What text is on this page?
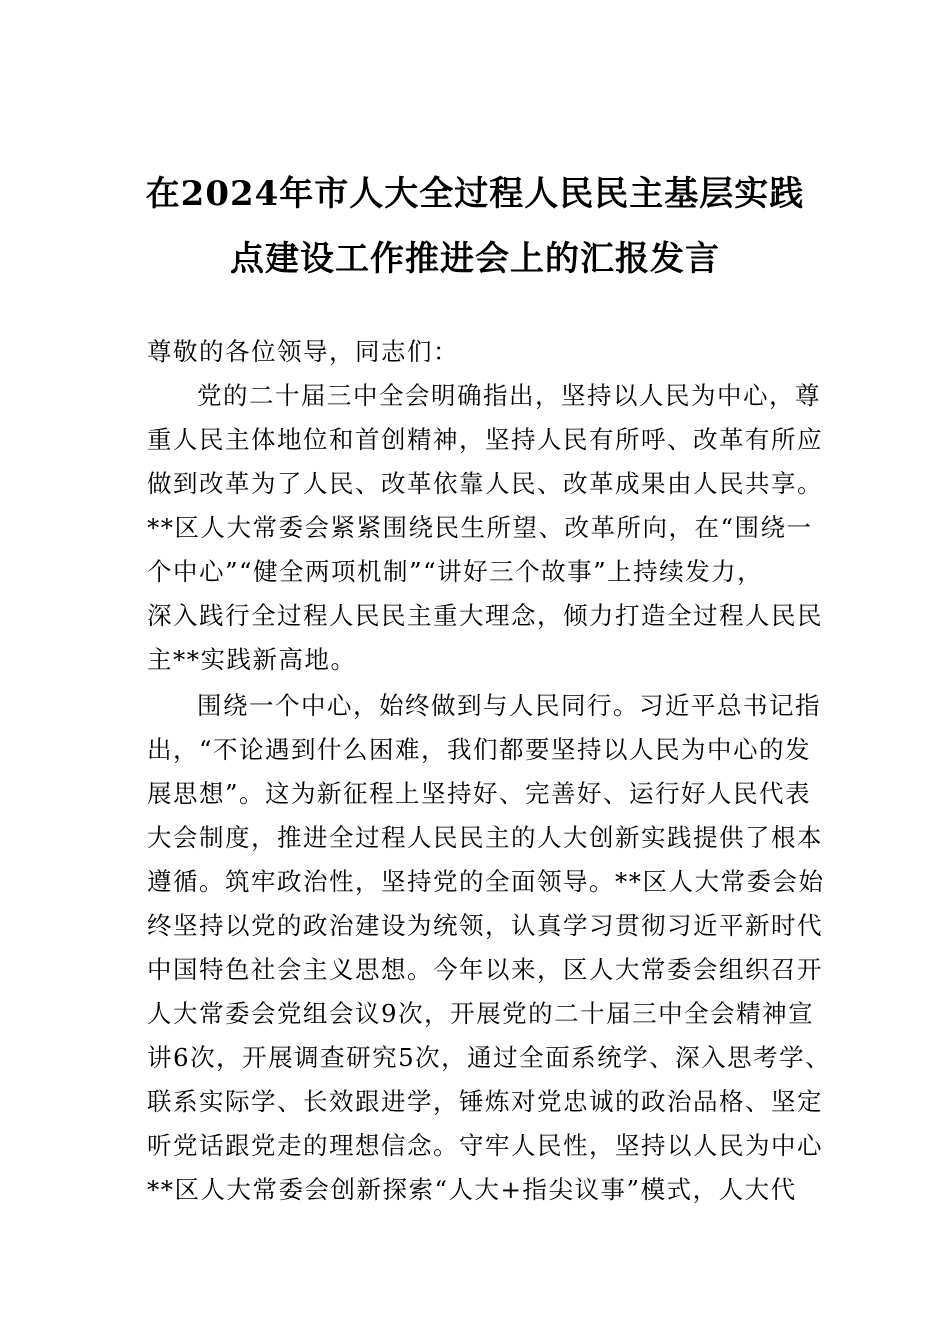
在2024年市人大全过程人民民主基层实践
点建设工作推进会上的汇报发言
尊敬的各位领导，同志们：
党的二十届三中全会明确指出，坚持以人民为中心，尊
重人民主体地位和首创精神，坚持人民有所呼、改革有所应
做到改革为了人民、改革依靠人民、改革成果由人民共享。
**区人大常委会紧紧围绕民生所望、改革所向，在“围绕一
个中心”“健全两项机制”“讲好三个故事”上持续发力，
深入践行全过程人民民主重大理念，倾力打造全过程人民民
主**实践新高地。
围绕一个中心，始终做到与人民同行。习近平总书记指
出，“不论遇到什么困难，我们都要坚持以人民为中心的发
展思想”。这为新征程上坚持好、完善好、运行好人民代表
大会制度，推进全过程人民民主的人大创新实践提供了根本
遵循。筑牢政治性，坚持党的全面领导。**区人大常委会始
终坚持以党的政治建设为统领，认真学习贯彻习近平新时代
中国特色社会主义思想。今年以来，区人大常委会组织召开
人大常委会党组会议9次，开展党的二十届三中全会精神宣
讲6次，开展调查研究5次，通过全面系统学、深入思考学、
联系实际学、长效跟进学，锤炼对党忠诚的政治品格、坚定
听党话跟党走的理想信念。守牢人民性，坚持以人民为中心
**区人大常委会创新探索“人大+指尖议事”模式，人大代
